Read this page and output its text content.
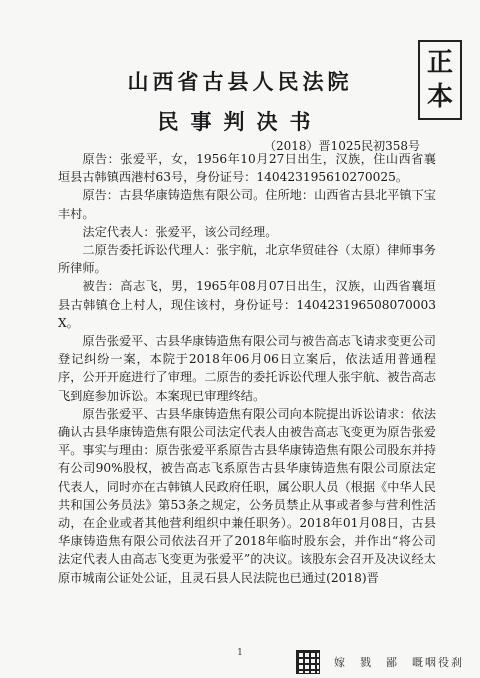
山西省古县人民法院
正
本
民事判决书
（2018）晋1025民初358号

原告：张爱平，女，1956年10月27日出生，汉族，住山西省襄垣县古韩镇西港村63号，身份证号：140423195610270025。

原告：古县华康铸造焦有限公司。住所地：山西省古县北平镇下宝丰村。

法定代表人：张爱平，该公司经理。

二原告委托诉讼代理人：张宇航，北京华贸硅谷（太原）律师事务所律师。

被告：高志飞，男，1965年08月07日出生，汉族，山西省襄垣县古韩镇仓上村人，现住该村，身份证号：140423196508070003X。

原告张爱平、古县华康铸造焦有限公司与被告高志飞请求变更公司登记纠纷一案，本院于2018年06月06日立案后，依法适用普通程序，公开开庭进行了审理。二原告的委托诉讼代理人张宇航、被告高志飞到庭参加诉讼。本案现已审理终结。

原告张爱平、古县华康铸造焦有限公司向本院提出诉讼请求：依法确认古县华康铸造焦有限公司法定代表人由被告高志飞变更为原告张爱平。事实与理由：原告张爱平系原告古县华康铸造焦有限公司股东并持有公司90%股权，被告高志飞系原告古县华康铸造焦有限公司原法定代表人，同时亦在古韩镇人民政府任职，属公职人员（根据《中华人民共和国公务员法》第53条之规定，公务员禁止从事或者参与营利性活动，在企业或者其他营利组织中兼任职务）。2018年01月08日，古县华康铸造焦有限公司依法召开了2018年临时股东会，并作出“将公司法定代表人由高志飞变更为张爱平”的决议。该股东会召开及决议经太原市城南公证处公证，且灵石县人民法院也已通过(2018)晋

1
嫁　戮　鄙　嘅咽役刹
